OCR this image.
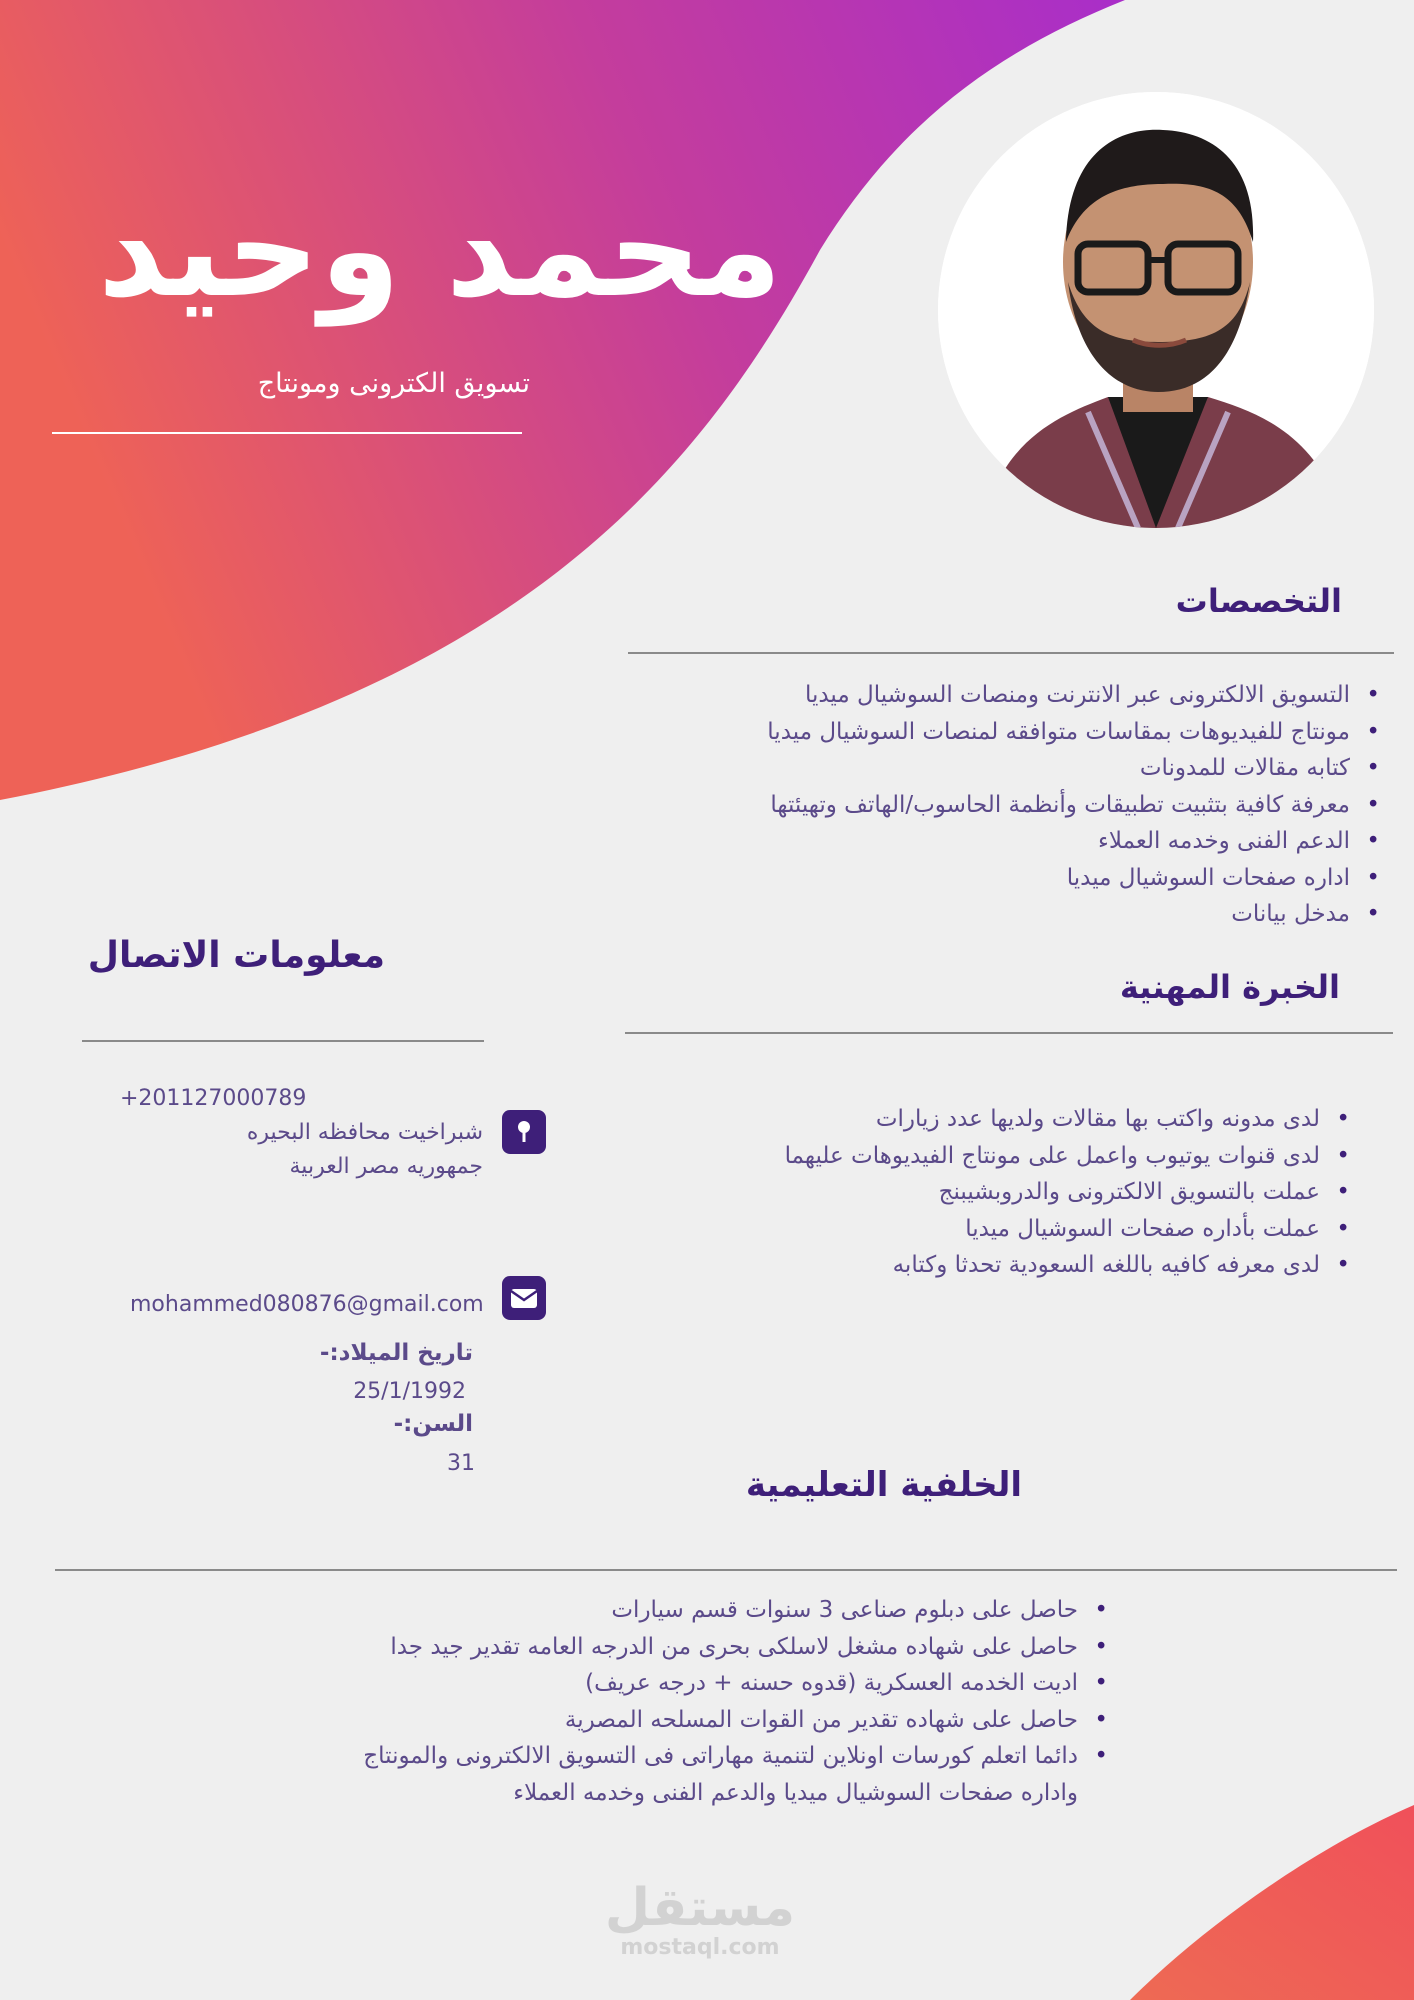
محمد وحيد
تسويق الكترونى ومونتاج
التخصصات
• التسويق الالكترونى عبر الانترنت ومنصات السوشيال ميديا
• مونتاج للفيديوهات بمقاسات متوافقه لمنصات السوشيال ميديا
• كتابه مقالات للمدونات
• معرفة كافية بتثبيت تطبيقات وأنظمة الحاسوب/الهاتف وتهيئتها
• الدعم الفنى وخدمه العملاء
• اداره صفحات السوشيال ميديا
• مدخل بيانات
الخبرة المهنية
• لدى مدونه واكتب بها مقالات ولديها عدد زيارات
• لدى قنوات يوتيوب واعمل على مونتاج الفيديوهات عليهما
• عملت بالتسويق الالكترونى والدروبشيبنج
• عملت بأداره صفحات السوشيال ميديا
• لدى معرفه كافيه باللغه السعودية تحدثا وكتابه
معلومات الاتصال
+201127000789
شبراخيت محافظه البحيره
جمهوريه مصر العربية
mohammed080876@gmail.com
تاريخ الميلاد:-
25/1/1992
السن:-
31
الخلفية التعليمية
• حاصل على دبلوم صناعى 3 سنوات قسم سيارات
• حاصل على شهاده مشغل لاسلكى بحرى من الدرجه العامه تقدير جيد جدا
• اديت الخدمه العسكرية (قدوه حسنه + درجه عريف)
• حاصل على شهاده تقدير من القوات المسلحه المصرية
• دائما اتعلم كورسات اونلاين لتنمية مهاراتى فى التسويق الالكترونى والمونتاج
واداره صفحات السوشيال ميديا والدعم الفنى وخدمه العملاء
مستقل
mostaql.com
